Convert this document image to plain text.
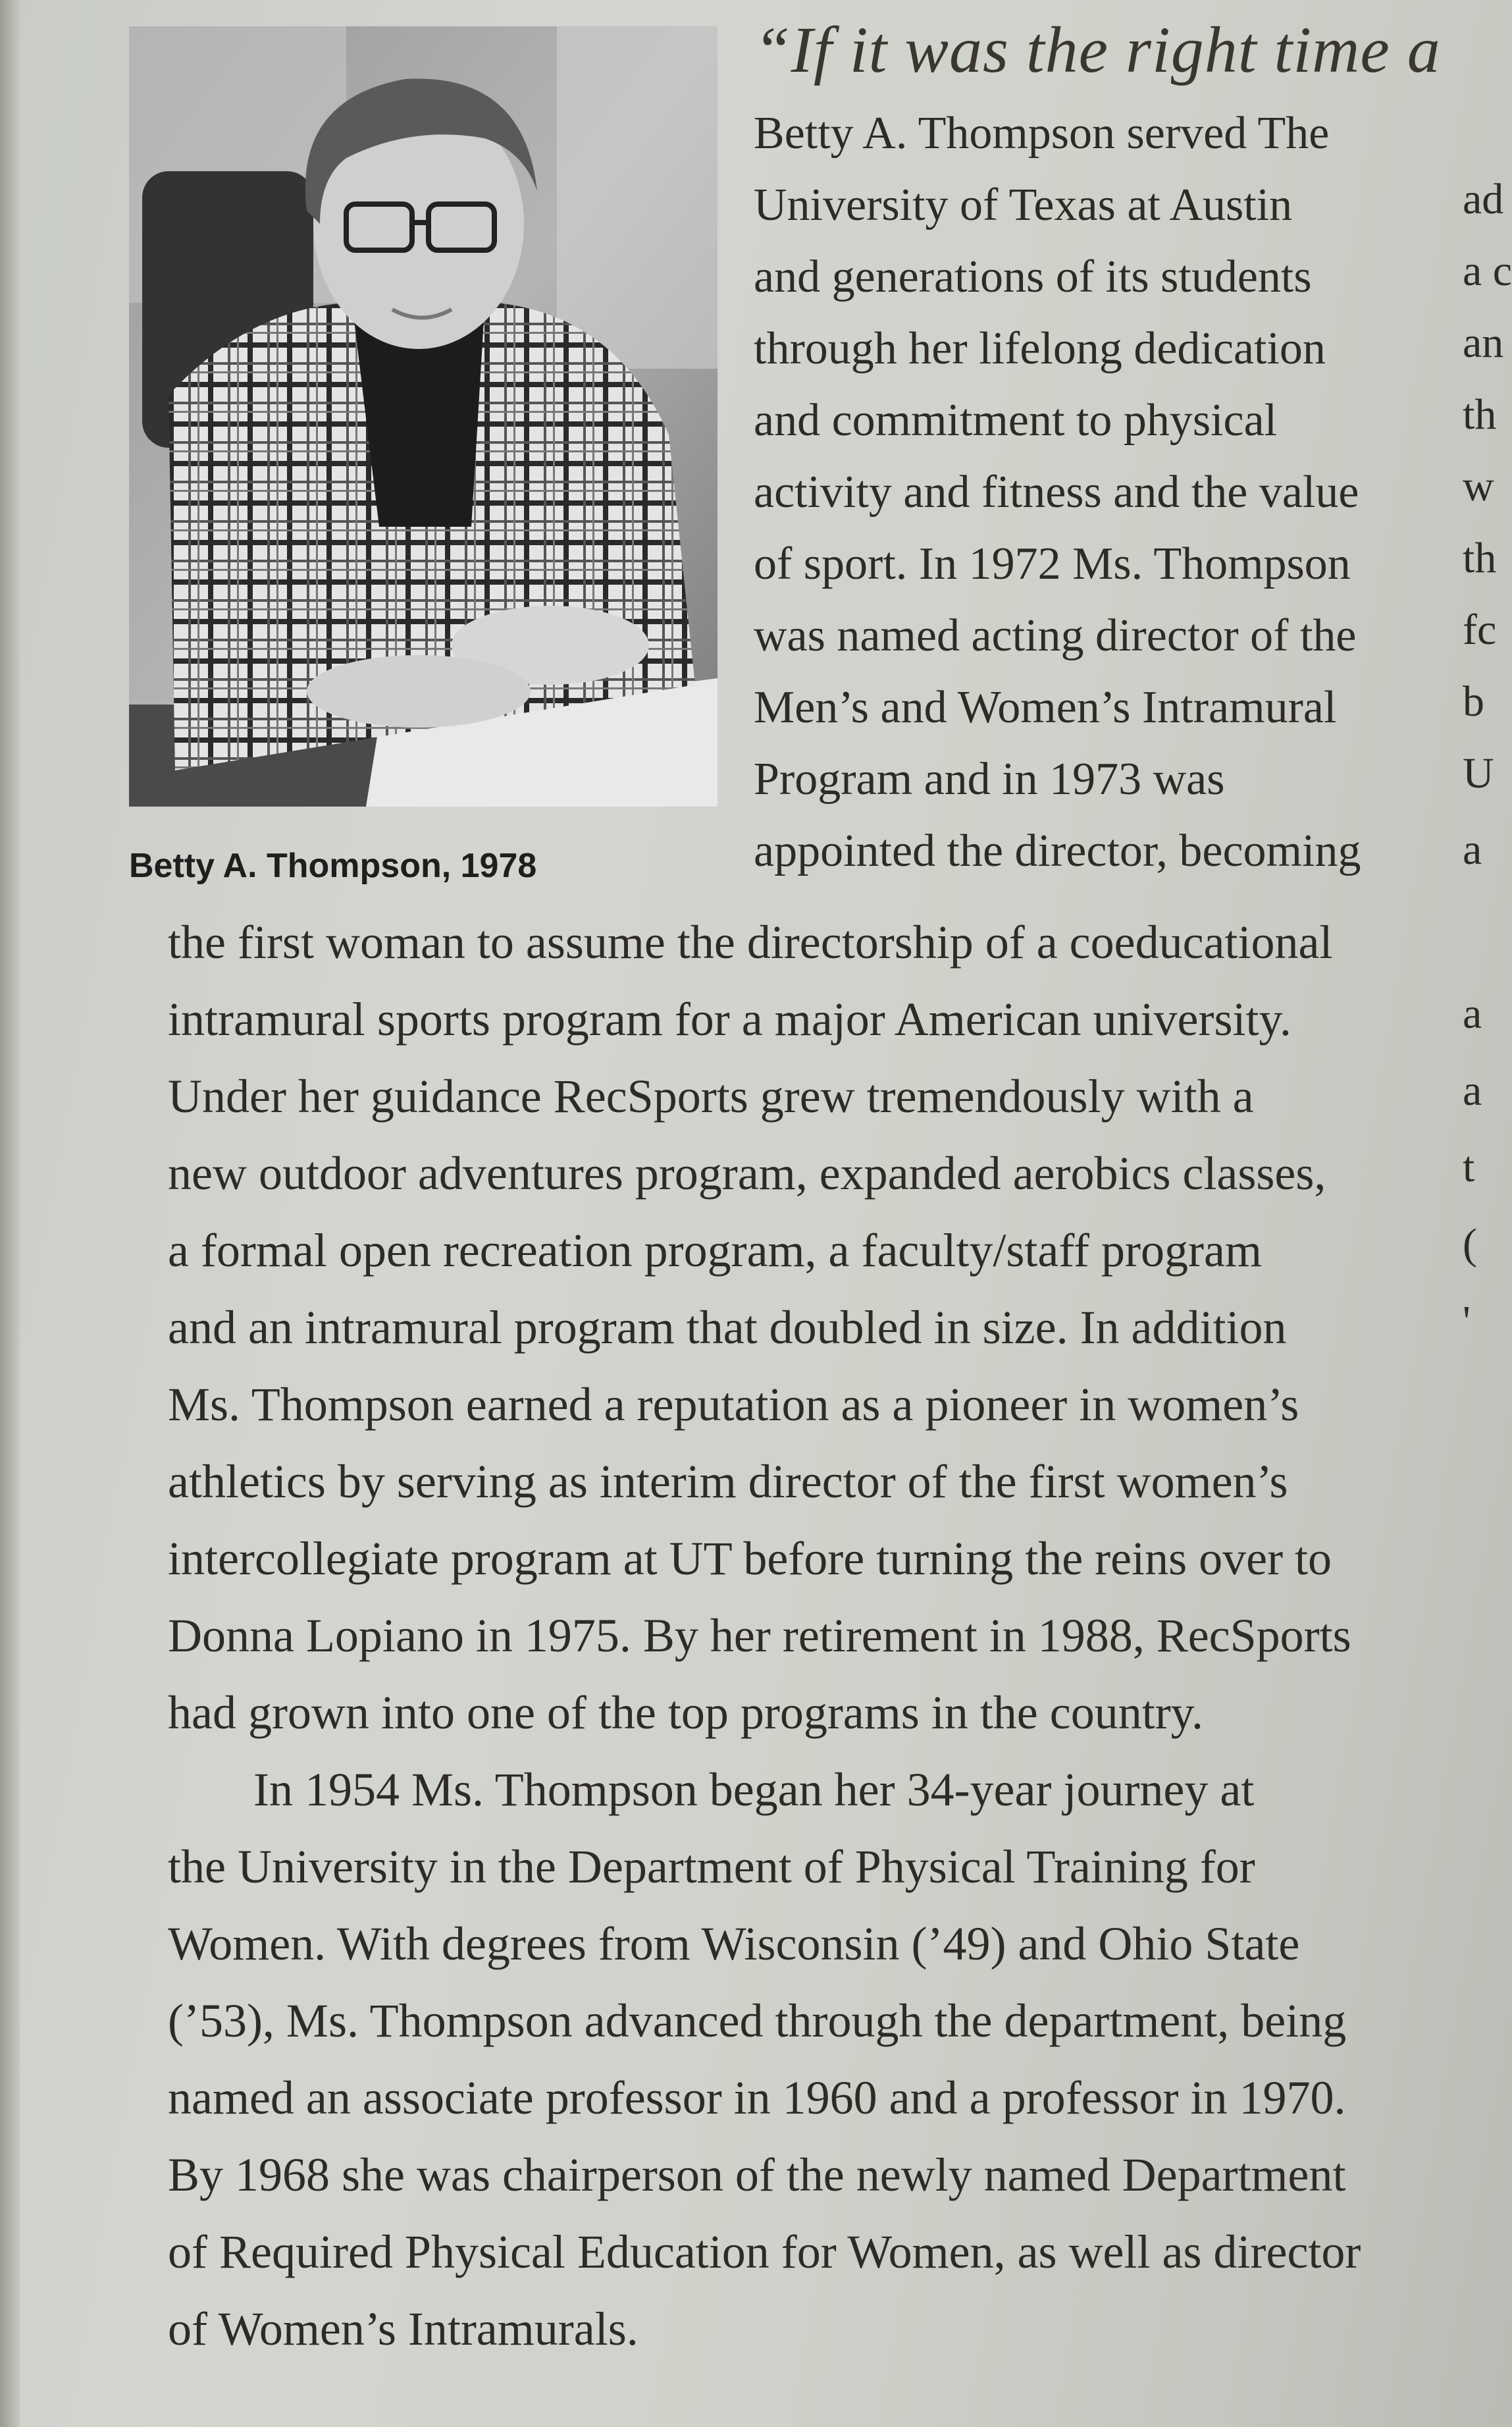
“If it was the right time a
Betty A. Thompson, 1978
Betty A. Thompson served The
University of Texas at Austin
and generations of its students
through her lifelong dedication
and commitment to physical
activity and fitness and the value
of sport. In 1972 Ms. Thompson
was named acting director of the
Men’s and Women’s Intramural
Program and in 1973 was
appointed the director, becoming
ad
a c
an
th
w
th
fc
b
U
a
a
a
t
(
'
the first woman to assume the directorship of a coeducational
intramural sports program for a major American university.
Under her guidance RecSports grew tremendously with a
new outdoor adventures program, expanded aerobics classes,
a formal open recreation program, a faculty/staff program
and an intramural program that doubled in size. In addition
Ms. Thompson earned a reputation as a pioneer in women’s
athletics by serving as interim director of the first women’s
intercollegiate program at UT before turning the reins over to
Donna Lopiano in 1975. By her retirement in 1988, RecSports
had grown into one of the top programs in the country.
In 1954 Ms. Thompson began her 34-year journey at
the University in the Department of Physical Training for
Women. With degrees from Wisconsin (’49) and Ohio State
(’53), Ms. Thompson advanced through the department, being
named an associate professor in 1960 and a professor in 1970.
By 1968 she was chairperson of the newly named Department
of Required Physical Education for Women, as well as director
of Women’s Intramurals.
